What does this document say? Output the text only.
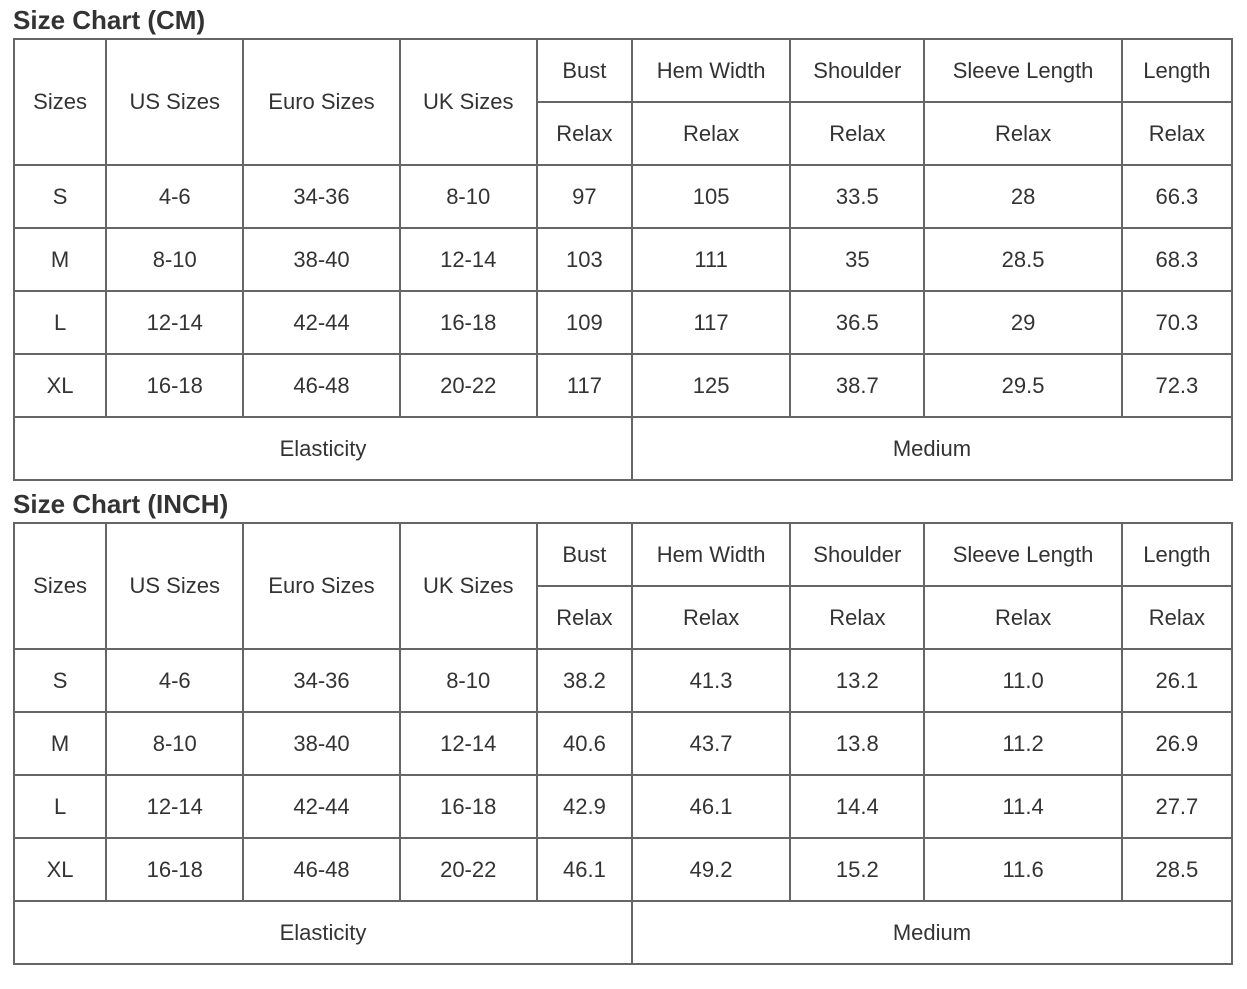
Size Chart (CM)
Sizes	US Sizes	Euro Sizes	UK Sizes	Bust	Hem Width	Shoulder	Sleeve Length	Length
				Relax	Relax	Relax	Relax	Relax
S	4-6	34-36	8-10	97	105	33.5	28	66.3
M	8-10	38-40	12-14	103	111	35	28.5	68.3
L	12-14	42-44	16-18	109	117	36.5	29	70.3
XL	16-18	46-48	20-22	117	125	38.7	29.5	72.3
Elasticity					Medium			
Size Chart (INCH)
Sizes	US Sizes	Euro Sizes	UK Sizes	Bust	Hem Width	Shoulder	Sleeve Length	Length
				Relax	Relax	Relax	Relax	Relax
S	4-6	34-36	8-10	38.2	41.3	13.2	11.0	26.1
M	8-10	38-40	12-14	40.6	43.7	13.8	11.2	26.9
L	12-14	42-44	16-18	42.9	46.1	14.4	11.4	27.7
XL	16-18	46-48	20-22	46.1	49.2	15.2	11.6	28.5
Elasticity					Medium			
